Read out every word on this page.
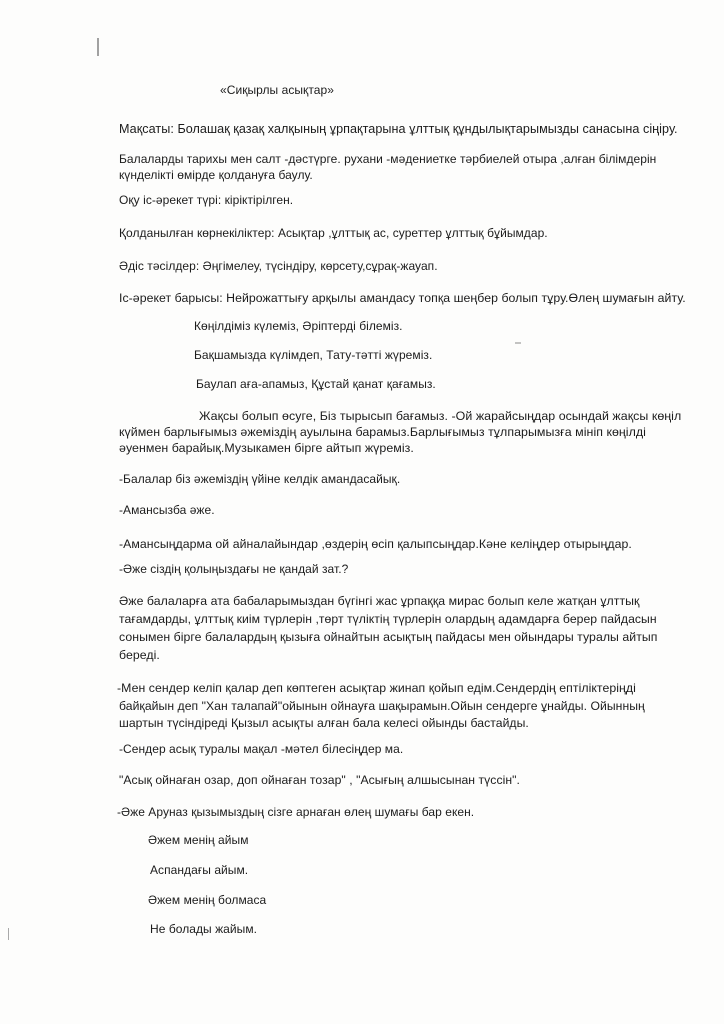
«Сиқырлы асықтар»
Мақсаты: Болашақ қазақ халқының ұрпақтарына ұлттық құндылықтарымызды санасына сіңіру.
Балаларды тарихы мен салт -дәстүрге. рухани -мәдениетке тәрбиелей отыра ,алған білімдерін
күнделікті өмірде қолдануға баулу.
Оқу іс-әрекет түрі: кіріктірілген.
Қолданылған көрнекіліктер: Асықтар ,ұлттық ас, суреттер ұлттық бұйымдар.
Әдіс тәсілдер: Әңгімелеу, түсіндіру, көрсету,сұрақ-жауап.
Іс-әрекет барысы: Нейрожаттығу арқылы амандасу топқа шеңбер болып тұру.Өлең шумағын айту.
Көңілдіміз күлеміз, Әріптерді білеміз.
Бақшамызда күлімдеп, Тату-тәтті жүреміз.
Баулап аға-апамыз, Құстай қанат қағамыз.
Жақсы болып өсуге, Біз тырысып бағамыз. -Ой жарайсыңдар осындай жақсы көңіл
күймен барлығымыз әжеміздің ауылына барамыз.Барлығымыз тұлпарымызға мініп көңілді
әуенмен барайық.Музыкамен бірге айтып жүреміз.
-Балалар біз әжеміздің үйіне келдік амандасайық.
-Амансызба әже.
-Амансыңдарма ой айналайындар ,өздерің өсіп қалыпсыңдар.Кәне келіңдер отырыңдар.
-Әже сіздің қолыңыздағы не қандай зат.?
Әже балаларға ата бабаларымыздан бүгінгі жас ұрпаққа мирас болып келе жатқан ұлттық
тағамдарды, ұлттық киім түрлерін ,төрт түліктің түрлерін олардың адамдарға берер пайдасын
сонымен бірге балалардың қызыға ойнайтын асықтың пайдасы мен ойындары туралы айтып
береді.
-Мен сендер келіп қалар деп көптеген асықтар жинап қойып едім.Сендердің ептіліктеріңді
байқайын деп "Хан талапай"ойынын ойнауға шақырамын.Ойын сендерге ұнайды. Ойынның
шартын түсіндіреді Қызыл асықты алған бала келесі ойынды бастайды.
-Сендер асық туралы мақал -мәтел білесіңдер ма.
"Асық ойнаған озар, доп ойнаған тозар" , "Асығың алшысынан түссін".
-Әже Аруназ қызымыздың сізге арнаған өлең шумағы бар екен.
Әжем менің айым
Аспандағы айым.
Әжем менің болмаса
Не болады жайым.
